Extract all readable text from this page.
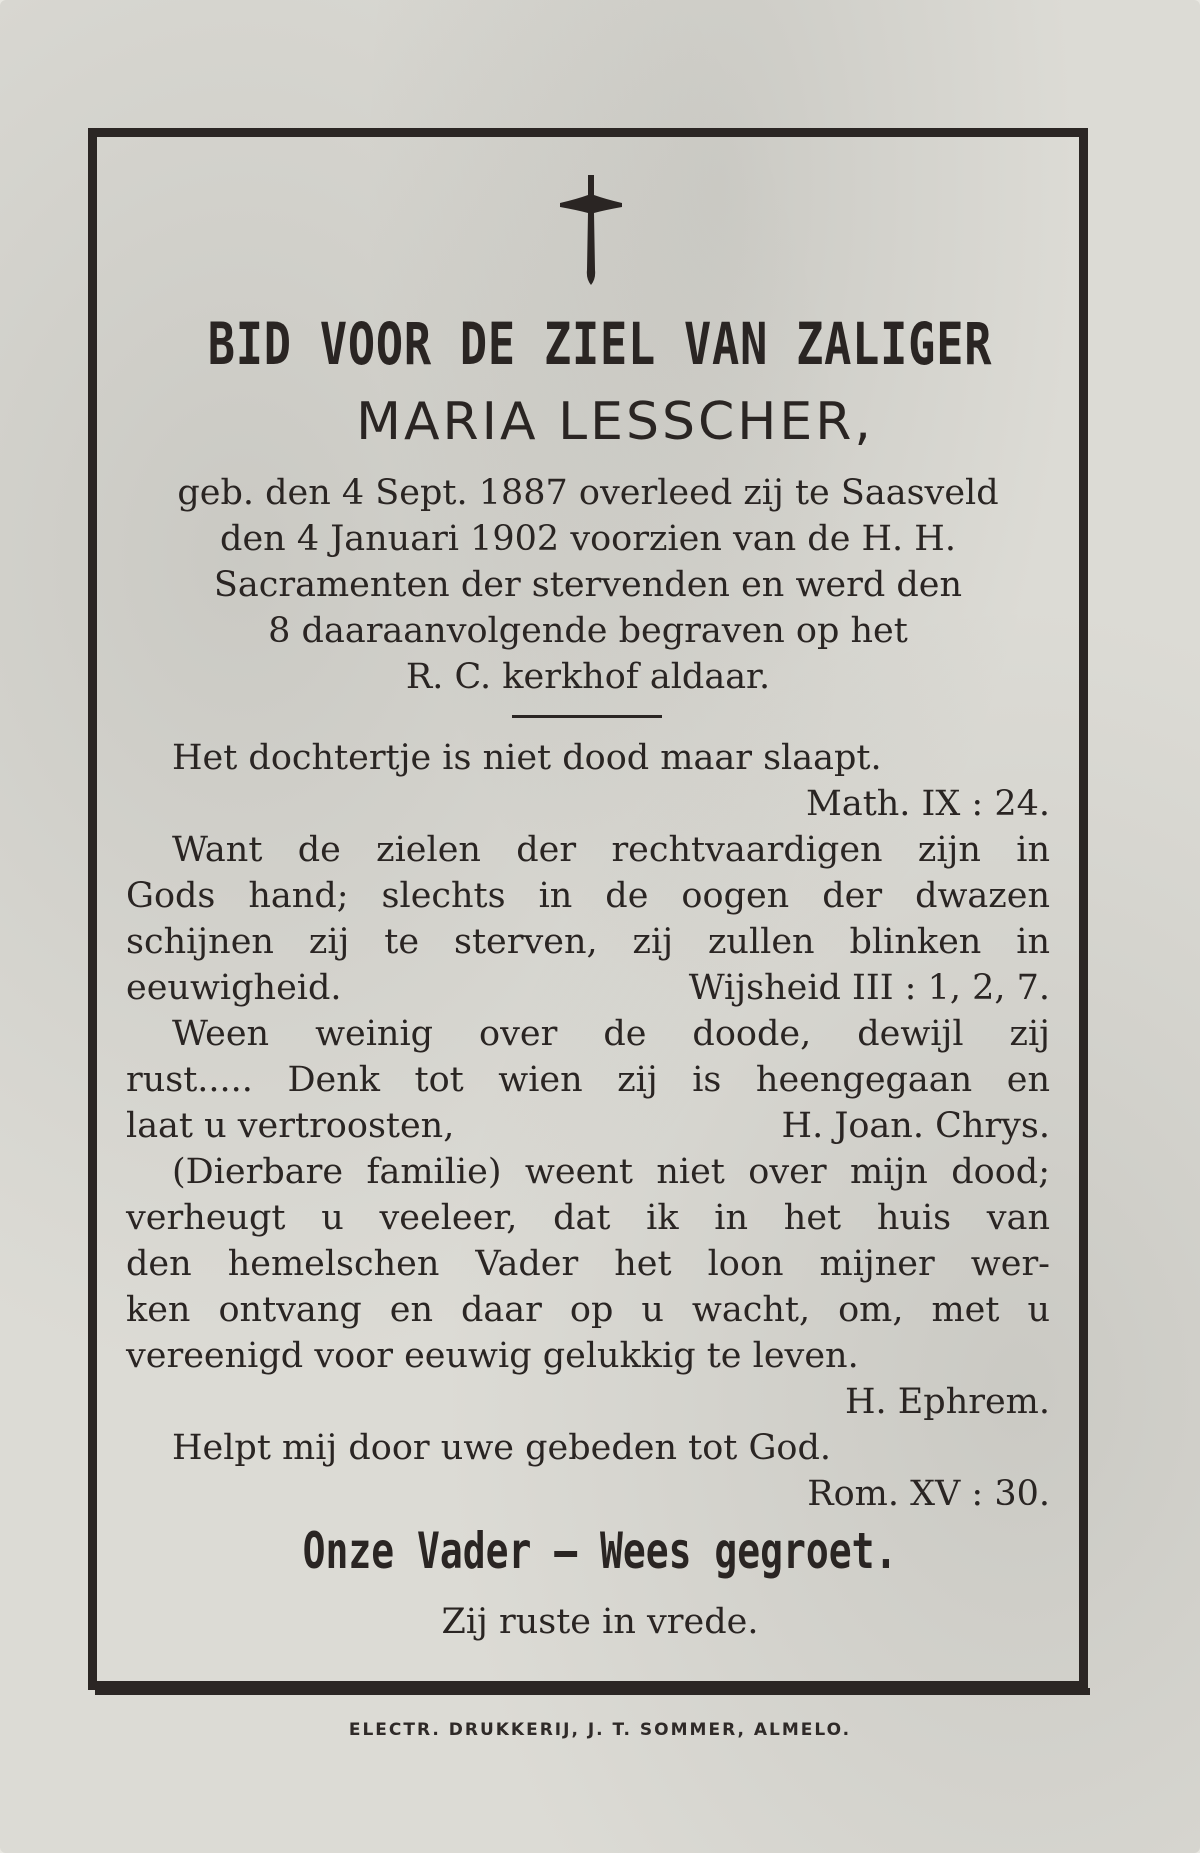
BID VOOR DE ZIEL VAN ZALIGER
MARIA LESSCHER,
geb. den 4 Sept. 1887 overleed zij te Saasveld
den 4 Januari 1902 voorzien van de H. H.
Sacramenten der stervenden en werd den
8 daaraanvolgende begraven op het
R. C. kerkhof aldaar.
Het dochtertje is niet dood maar slaapt.
Math. IX : 24.
Want de zielen der rechtvaardigen zijn in
Gods hand; slechts in de oogen der dwazen
schijnen zij te sterven, zij zullen blinken in
eeuwigheid.	Wijsheid III : 1, 2, 7.
Ween weinig over de doode, dewijl zij
rust..... Denk tot wien zij is heengegaan en
laat u vertroosten,	H. Joan. Chrys.
(Dierbare familie) weent niet over mijn dood;
verheugt u veeleer, dat ik in het huis van
den hemelschen Vader het loon mijner wer-
ken ontvang en daar op u wacht, om, met u
vereenigd voor eeuwig gelukkig te leven.
H. Ephrem.
Helpt mij door uwe gebeden tot God.
Rom. XV : 30.
Onze Vader — Wees gegroet.
Zij ruste in vrede.
ELECTR. DRUKKERIJ, J. T. SOMMER, ALMELO.
